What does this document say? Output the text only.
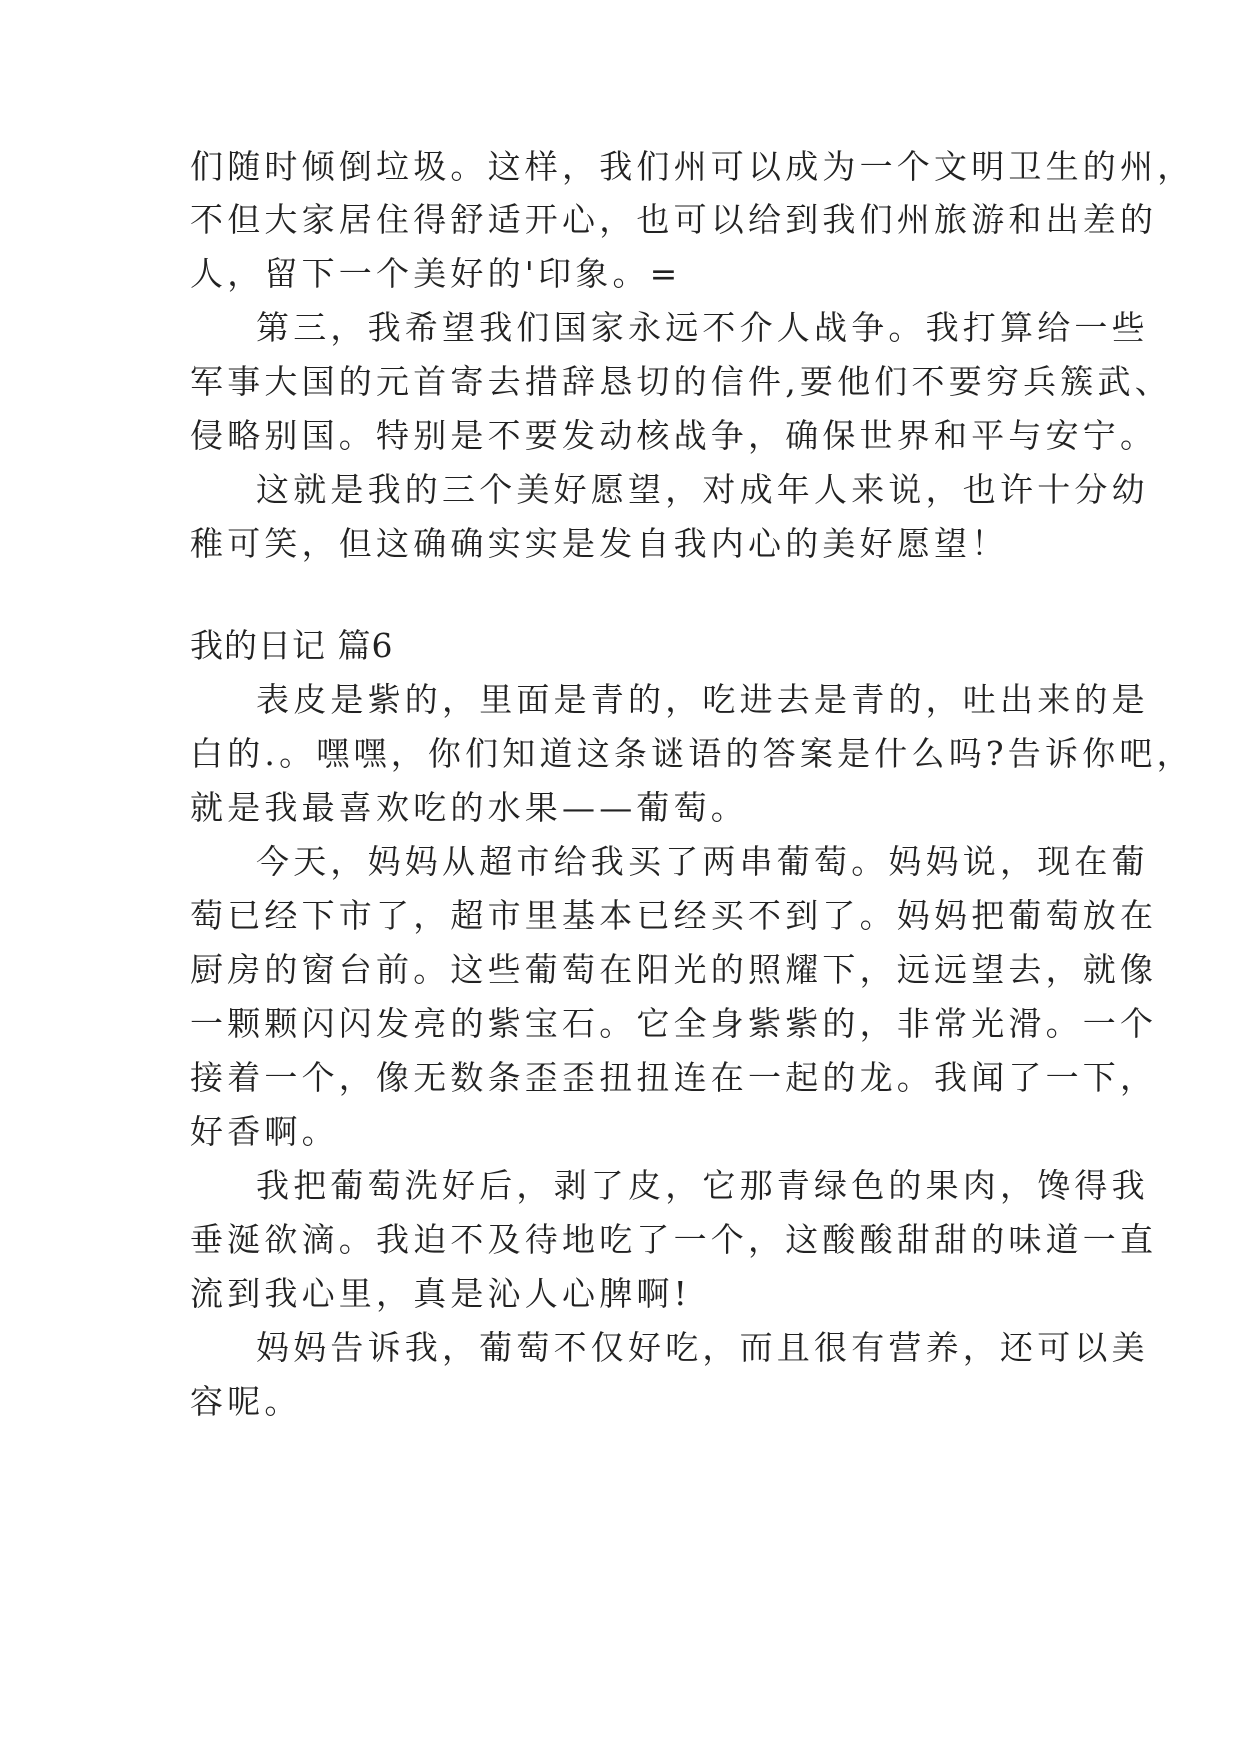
们随时倾倒垃圾。这样，我们州可以成为一个文明卫生的州，
不但大家居住得舒适开心，也可以给到我们州旅游和出差的
人，留下一个美好的'印象。=
第三，我希望我们国家永远不介人战争。我打算给一些
军事大国的元首寄去措辞恳切的信件,要他们不要穷兵簇武、
侵略别国。特别是不要发动核战争，确保世界和平与安宁。
这就是我的三个美好愿望，对成年人来说，也许十分幼
稚可笑，但这确确实实是发自我内心的美好愿望！
我的日记 篇6
表皮是紫的，里面是青的，吃进去是青的，吐出来的是
白的.。嘿嘿，你们知道这条谜语的答案是什么吗?告诉你吧，
就是我最喜欢吃的水果——葡萄。
今天，妈妈从超市给我买了两串葡萄。妈妈说，现在葡
萄已经下市了，超市里基本已经买不到了。妈妈把葡萄放在
厨房的窗台前。这些葡萄在阳光的照耀下，远远望去，就像
一颗颗闪闪发亮的紫宝石。它全身紫紫的，非常光滑。一个
接着一个，像无数条歪歪扭扭连在一起的龙。我闻了一下，
好香啊。
我把葡萄洗好后，剥了皮，它那青绿色的果肉，馋得我
垂涎欲滴。我迫不及待地吃了一个，这酸酸甜甜的味道一直
流到我心里，真是沁人心脾啊!
妈妈告诉我，葡萄不仅好吃，而且很有营养，还可以美
容呢。
